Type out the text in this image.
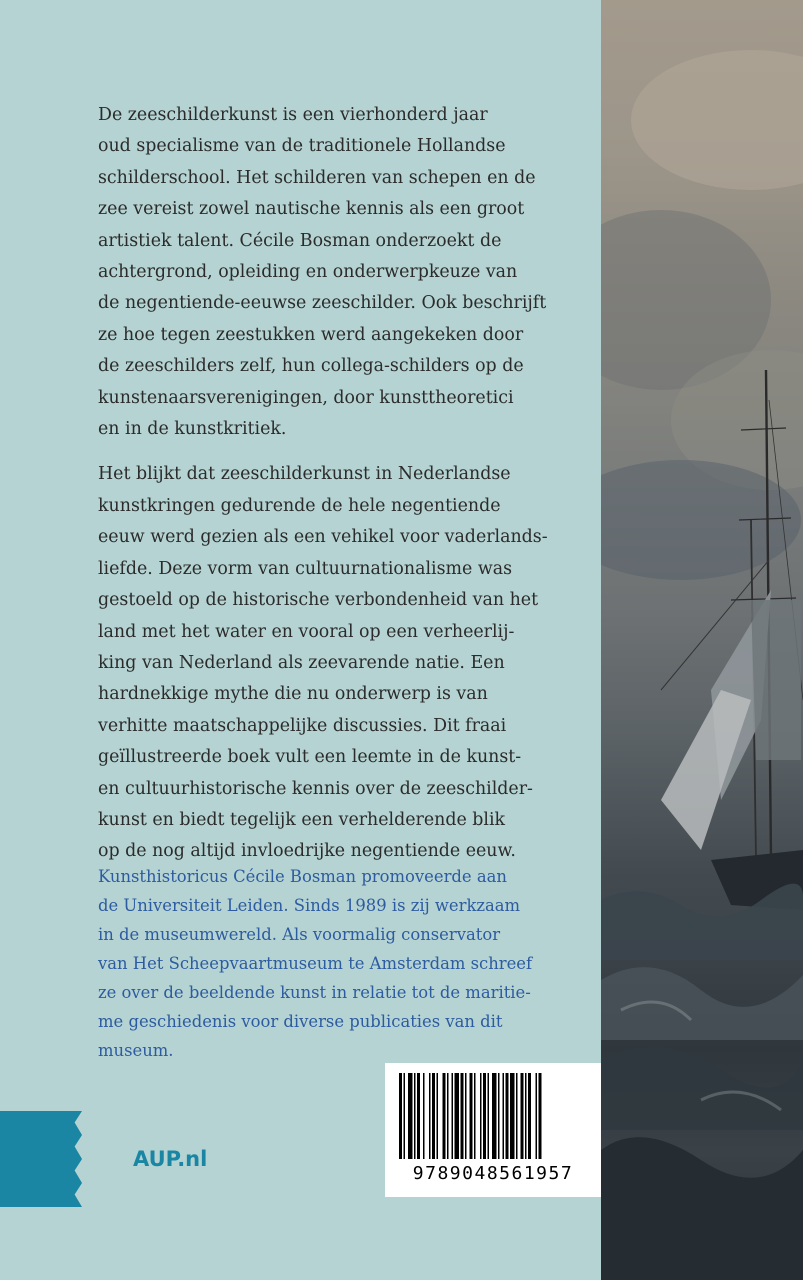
De zeeschilderkunst is een vierhonderd jaar
oud specialisme van de traditionele Hollandse
schilderschool. Het schilderen van schepen en de
zee vereist zowel nautische kennis als een groot
artistiek talent. Cécile Bosman onderzoekt de
achtergrond, opleiding en onderwerpkeuze van
de negentiende-eeuwse zeeschilder. Ook beschrijft
ze hoe tegen zeestukken werd aangekeken door
de zeeschilders zelf, hun collega-schilders op de
kunstenaarsverenigingen, door kunsttheoretici
en in de kunstkritiek.

Het blijkt dat zeeschilderkunst in Nederlandse
kunstkringen gedurende de hele negentiende
eeuw werd gezien als een vehikel voor vaderlands-
liefde. Deze vorm van cultuurnationalisme was
gestoeld op de historische verbondenheid van het
land met het water en vooral op een verheerlij-
king van Nederland als zeevarende natie. Een
hardnekkige mythe die nu onderwerp is van
verhitte maatschappelijke discussies. Dit fraai
geïllustreerde boek vult een leemte in de kunst-
en cultuurhistorische kennis over de zeeschilder-
kunst en biedt tegelijk een verhelderende blik
op de nog altijd invloedrijke negentiende eeuw.

Kunsthistoricus Cécile Bosman promoveerde aan
de Universiteit Leiden. Sinds 1989 is zij werkzaam
in de museumwereld. Als voormalig conservator
van Het Scheepvaartmuseum te Amsterdam schreef
ze over de beeldende kunst in relatie tot de maritie-
me geschiedenis voor diverse publicaties van dit
museum.

AUP.nl
9789048561957
